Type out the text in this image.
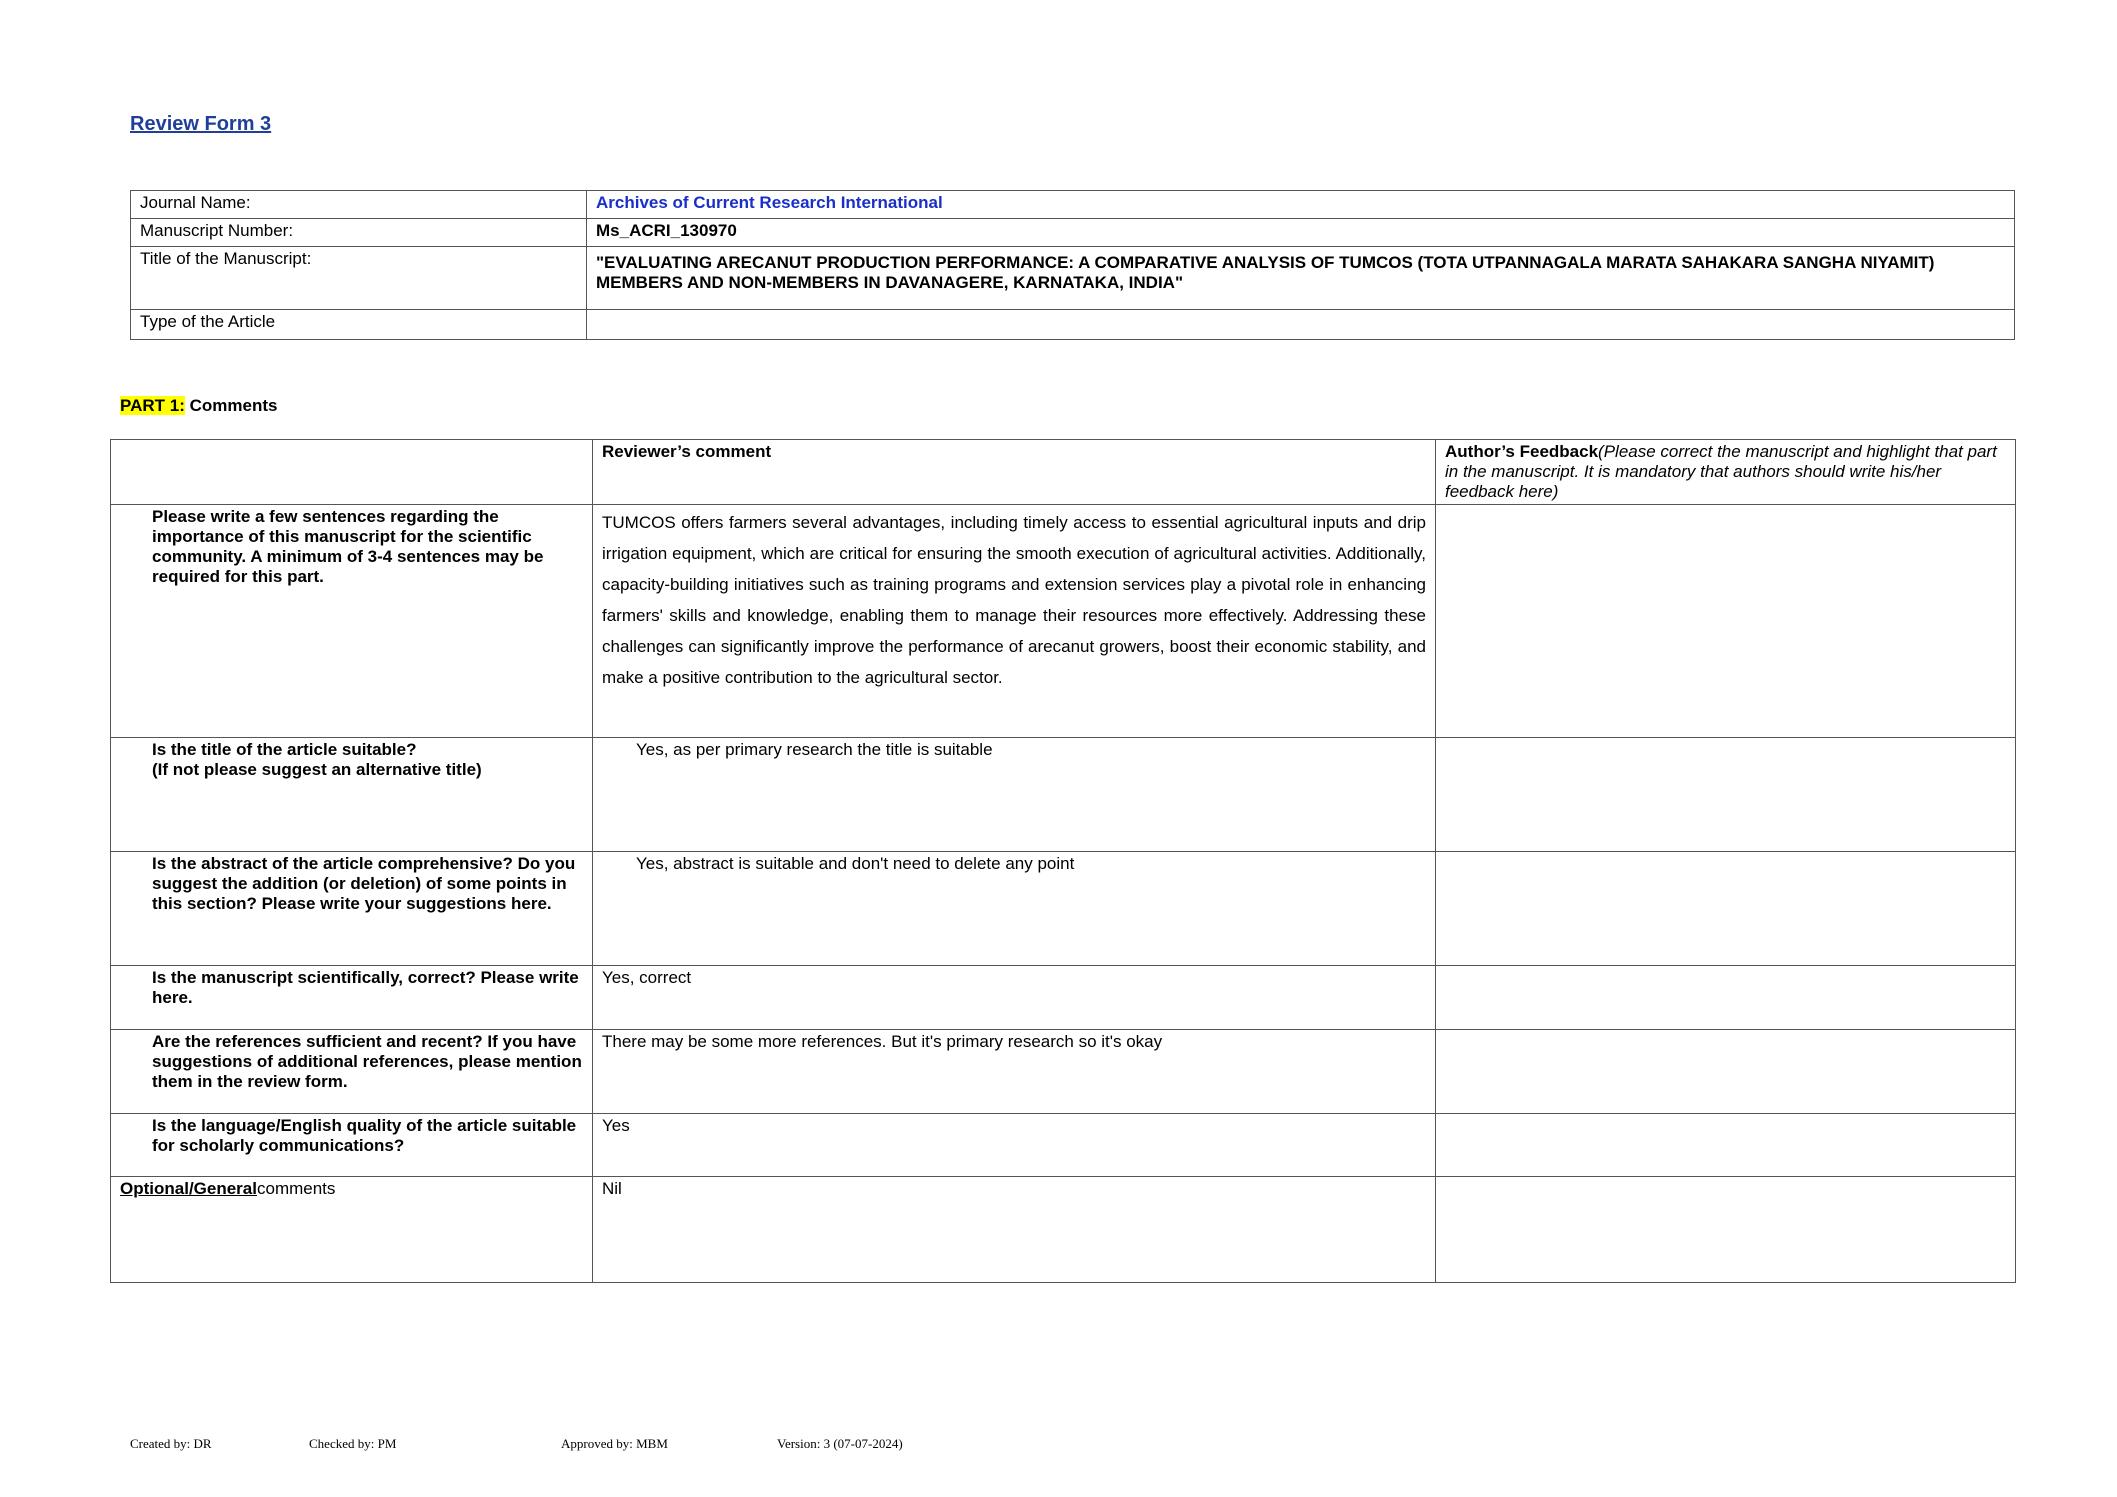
Review Form 3
Journal Name:	Archives of Current Research International
Manuscript Number:	Ms_ACRI_130970
Title of the Manuscript:	"EVALUATING ARECANUT PRODUCTION PERFORMANCE: A COMPARATIVE ANALYSIS OF TUMCOS (TOTA UTPANNAGALA MARATA SAHAKARA SANGHA NIYAMIT) MEMBERS AND NON-MEMBERS IN DAVANAGERE, KARNATAKA, INDIA"
Type of the Article	
PART 1: Comments
	Reviewer’s comment	Author’s Feedback(Please correct the manuscript and highlight that part in the manuscript. It is mandatory that authors should write his/her feedback here)
Please write a few sentences regarding the importance of this manuscript for the scientific community. A minimum of 3-4 sentences may be required for this part.	TUMCOS offers farmers several advantages, including timely access to essential agricultural inputs and drip irrigation equipment, which are critical for ensuring the smooth execution of agricultural activities. Additionally, capacity-building initiatives such as training programs and extension services play a pivotal role in enhancing farmers' skills and knowledge, enabling them to manage their resources more effectively. Addressing these challenges can significantly improve the performance of arecanut growers, boost their economic stability, and make a positive contribution to the agricultural sector.	
Is the title of the article suitable?
(If not please suggest an alternative title)	Yes, as per primary research the title is suitable	
Is the abstract of the article comprehensive? Do you suggest the addition (or deletion) of some points in this section? Please write your suggestions here.	Yes, abstract is suitable and don't need to delete any point	
Is the manuscript scientifically, correct? Please write here.	Yes, correct	
Are the references sufficient and recent? If you have suggestions of additional references, please mention them in the review form.	There may be some more references. But it's primary research so it's okay	
Is the language/English quality of the article suitable for scholarly communications?	Yes	
Optional/Generalcomments	Nil	
Created by: DR	Checked by: PM	Approved by: MBM	Version: 3 (07-07-2024)
